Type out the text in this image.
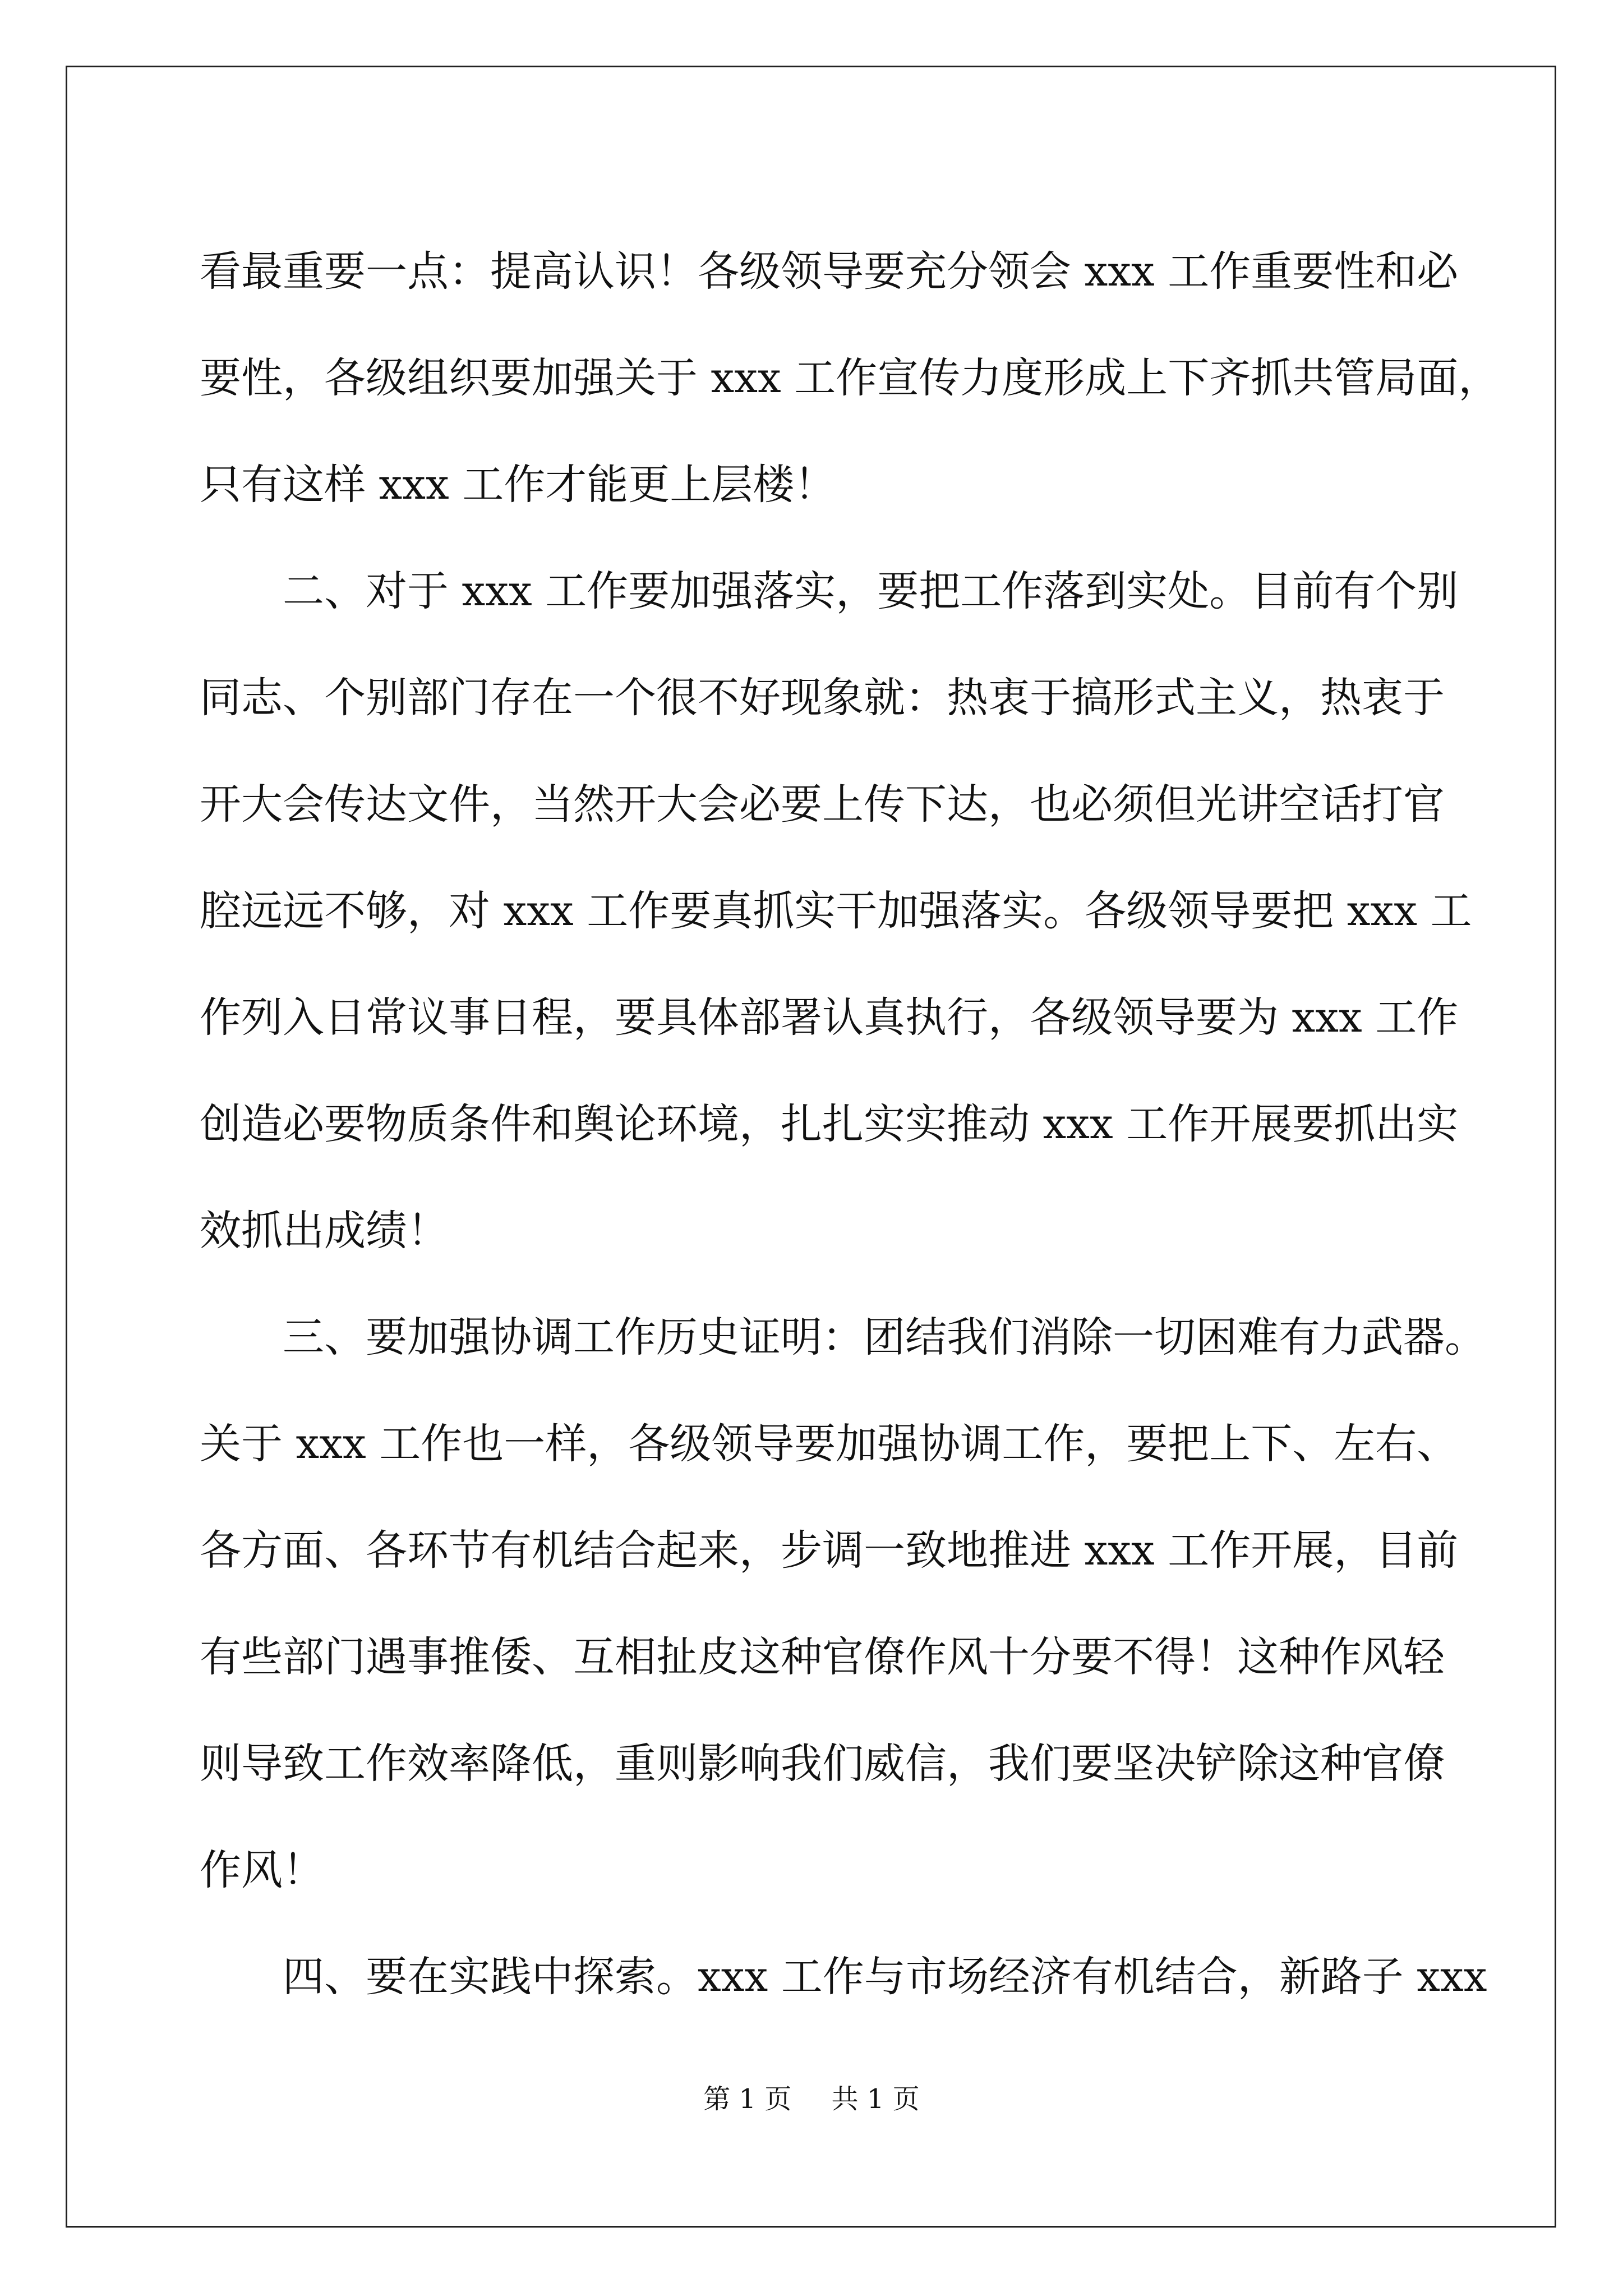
看最重要一点：提高认识！各级领导要充分领会 xxx 工作重要性和必
要性，各级组织要加强关于 xxx 工作宣传力度形成上下齐抓共管局面，
只有这样 xxx 工作才能更上层楼！
二、对于 xxx 工作要加强落实，要把工作落到实处。目前有个别
同志、个别部门存在一个很不好现象就：热衷于搞形式主义，热衷于
开大会传达文件，当然开大会必要上传下达，也必须但光讲空话打官
腔远远不够，对 xxx 工作要真抓实干加强落实。各级领导要把 xxx 工
作列入日常议事日程，要具体部署认真执行，各级领导要为 xxx 工作
创造必要物质条件和舆论环境，扎扎实实推动 xxx 工作开展要抓出实
效抓出成绩！
三、要加强协调工作历史证明：团结我们消除一切困难有力武器。
关于 xxx 工作也一样，各级领导要加强协调工作，要把上下、左右、
各方面、各环节有机结合起来，步调一致地推进 xxx 工作开展，目前
有些部门遇事推倭、互相扯皮这种官僚作风十分要不得！这种作风轻
则导致工作效率降低，重则影响我们威信，我们要坚决铲除这种官僚
作风！
四、要在实践中探索。xxx 工作与市场经济有机结合，新路子 xxx
第 1 页 共 1 页
